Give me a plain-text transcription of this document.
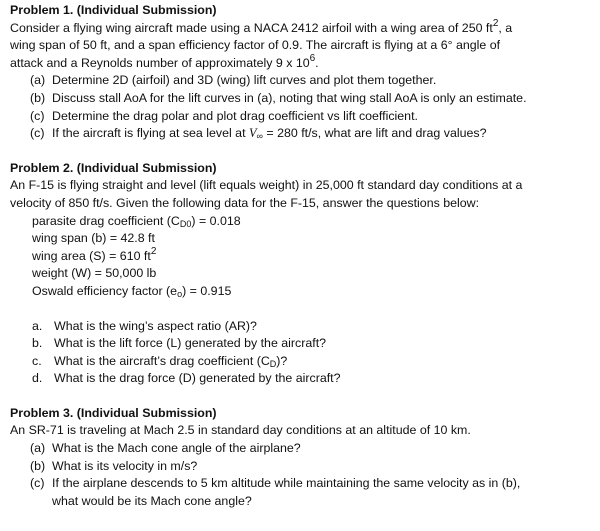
Problem 1. (Individual Submission)
Consider a flying wing aircraft made using a NACA 2412 airfoil with a wing area of 250 $ft^2$, a
wing span of 50 ft, and a span efficiency factor of 0.9. The aircraft is flying at a 6° angle of
attack and a Reynolds number of approximately 9 x $10^6$.
(a) Determine 2D (airfoil) and 3D (wing) lift curves and plot them together.
(b) Discuss stall AoA for the lift curves in (a), noting that wing stall AoA is only an estimate.
(c) Determine the drag polar and plot drag coefficient vs lift coefficient.
(c) If the aircraft is flying at sea level at $V_\infty = 280$ ft/s, what are lift and drag values?
Problem 2. (Individual Submission)
An F-15 is flying straight and level (lift equals weight) in 25,000 ft standard day conditions at a
velocity of 850 ft/s. Given the following data for the F-15, answer the questions below:
parasite drag coefficient $(C_{D0}) = 0.018$
wing span (b) = 42.8 ft
wing area (S) = 610 $ft^2$
weight (W) = 50,000 lb
Oswald efficiency factor $(e_o) = 0.915$
a. What is the wing’s aspect ratio (AR)?
b. What is the lift force (L) generated by the aircraft?
c. What is the aircraft’s drag coefficient $(C_D)$?
d. What is the drag force (D) generated by the aircraft?
Problem 3. (Individual Submission)
An SR-71 is traveling at Mach 2.5 in standard day conditions at an altitude of 10 km.
(a) What is the Mach cone angle of the airplane?
(b) What is its velocity in m/s?
(c) If the airplane descends to 5 km altitude while maintaining the same velocity as in (b),
what would be its Mach cone angle?
